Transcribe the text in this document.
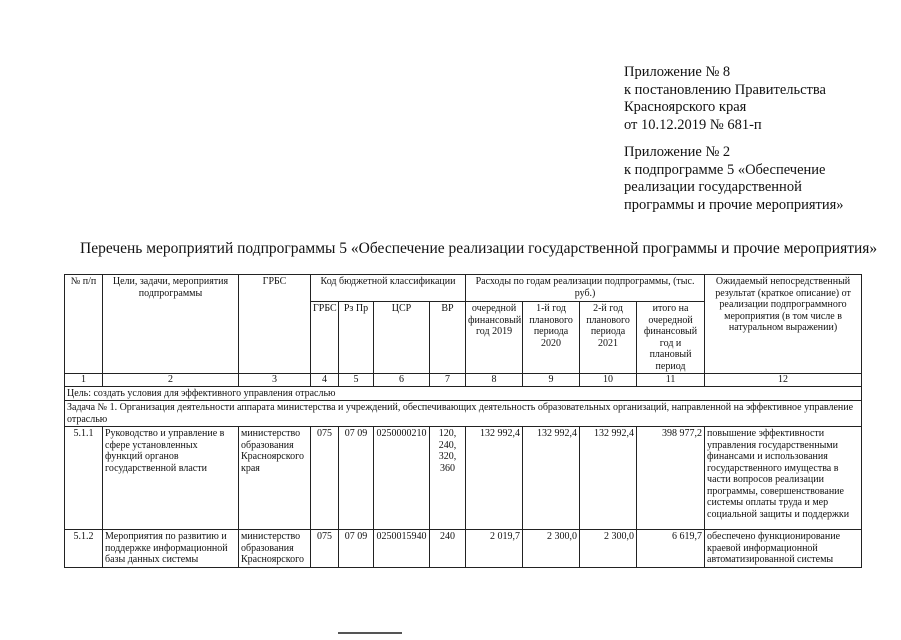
Приложение № 8
к постановлению Правительства
Красноярского края
от 10.12.2019 № 681-п
Приложение № 2
к подпрограмме 5 «Обеспечение
реализации государственной
программы и прочие мероприятия»
Перечень мероприятий подпрограммы 5 «Обеспечение реализации государственной программы и прочие мероприятия»
№ п/п	Цели, задачи, мероприятия подпрограммы	ГРБС	Код бюджетной классификации				Расходы по годам реализации подпрограммы, (тыс. руб.)				Ожидаемый непосредственный результат (краткое описание) от реализации подпрограммного мероприятия (в том числе в натуральном выражении)
							очередной финансовый год 2019	1-й год планового периода 2020	2-й год планового периода 2021	итого на очередной финансовый год и плановый период	
			ГРБС	Рз Пр	ЦСР	ВР					
1	2	3	4	5	6	7	8	9	10	11	12
Цель: создать условия для эффективного управления отраслью											
Задача № 1. Организация деятельности аппарата министерства и учреждений, обеспечивающих деятельность образовательных организаций, направленной на эффективное управление отраслью											
5.1.1	Руководство и управление в сфере установленных функций органов государственной власти	министерство образования Красноярского края	075	07 09	0250000210	120, 240, 320, 360	132 992,4	132 992,4	132 992,4	398 977,2	повышение эффективности управления государственными финансами и использования государственного имущества в части вопросов реализации программы, совершенствование системы оплаты труда и мер социальной защиты и поддержки
5.1.2	Мероприятия по развитию и поддержке информационной базы данных системы	министерство образования Красноярского	075	07 09	0250015940	240	2 019,7	2 300,0	2 300,0	6 619,7	обеспечено функционирование краевой информационной автоматизированной системы
